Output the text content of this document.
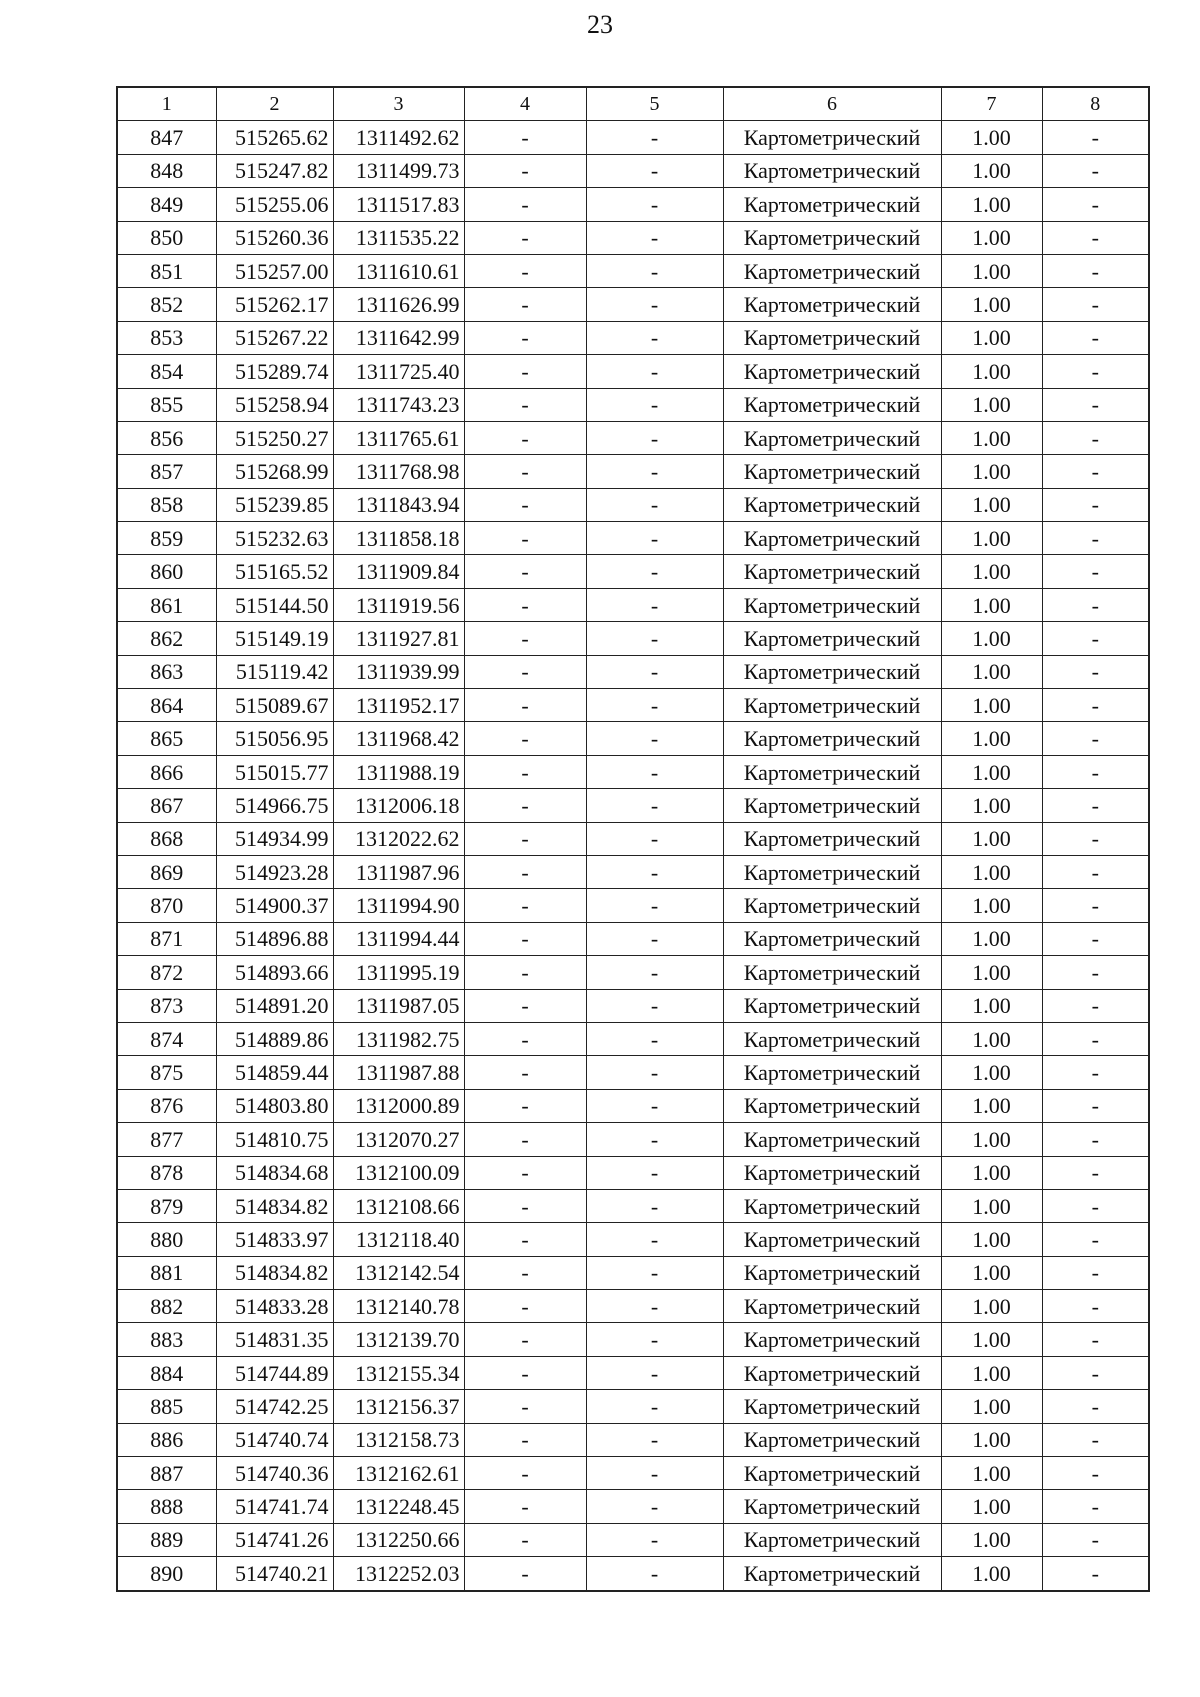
23
1	2	3	4	5	6	7	8
847	515265.62	1311492.62	-	-	Картометрический	1.00	-
848	515247.82	1311499.73	-	-	Картометрический	1.00	-
849	515255.06	1311517.83	-	-	Картометрический	1.00	-
850	515260.36	1311535.22	-	-	Картометрический	1.00	-
851	515257.00	1311610.61	-	-	Картометрический	1.00	-
852	515262.17	1311626.99	-	-	Картометрический	1.00	-
853	515267.22	1311642.99	-	-	Картометрический	1.00	-
854	515289.74	1311725.40	-	-	Картометрический	1.00	-
855	515258.94	1311743.23	-	-	Картометрический	1.00	-
856	515250.27	1311765.61	-	-	Картометрический	1.00	-
857	515268.99	1311768.98	-	-	Картометрический	1.00	-
858	515239.85	1311843.94	-	-	Картометрический	1.00	-
859	515232.63	1311858.18	-	-	Картометрический	1.00	-
860	515165.52	1311909.84	-	-	Картометрический	1.00	-
861	515144.50	1311919.56	-	-	Картометрический	1.00	-
862	515149.19	1311927.81	-	-	Картометрический	1.00	-
863	515119.42	1311939.99	-	-	Картометрический	1.00	-
864	515089.67	1311952.17	-	-	Картометрический	1.00	-
865	515056.95	1311968.42	-	-	Картометрический	1.00	-
866	515015.77	1311988.19	-	-	Картометрический	1.00	-
867	514966.75	1312006.18	-	-	Картометрический	1.00	-
868	514934.99	1312022.62	-	-	Картометрический	1.00	-
869	514923.28	1311987.96	-	-	Картометрический	1.00	-
870	514900.37	1311994.90	-	-	Картометрический	1.00	-
871	514896.88	1311994.44	-	-	Картометрический	1.00	-
872	514893.66	1311995.19	-	-	Картометрический	1.00	-
873	514891.20	1311987.05	-	-	Картометрический	1.00	-
874	514889.86	1311982.75	-	-	Картометрический	1.00	-
875	514859.44	1311987.88	-	-	Картометрический	1.00	-
876	514803.80	1312000.89	-	-	Картометрический	1.00	-
877	514810.75	1312070.27	-	-	Картометрический	1.00	-
878	514834.68	1312100.09	-	-	Картометрический	1.00	-
879	514834.82	1312108.66	-	-	Картометрический	1.00	-
880	514833.97	1312118.40	-	-	Картометрический	1.00	-
881	514834.82	1312142.54	-	-	Картометрический	1.00	-
882	514833.28	1312140.78	-	-	Картометрический	1.00	-
883	514831.35	1312139.70	-	-	Картометрический	1.00	-
884	514744.89	1312155.34	-	-	Картометрический	1.00	-
885	514742.25	1312156.37	-	-	Картометрический	1.00	-
886	514740.74	1312158.73	-	-	Картометрический	1.00	-
887	514740.36	1312162.61	-	-	Картометрический	1.00	-
888	514741.74	1312248.45	-	-	Картометрический	1.00	-
889	514741.26	1312250.66	-	-	Картометрический	1.00	-
890	514740.21	1312252.03	-	-	Картометрический	1.00	-
